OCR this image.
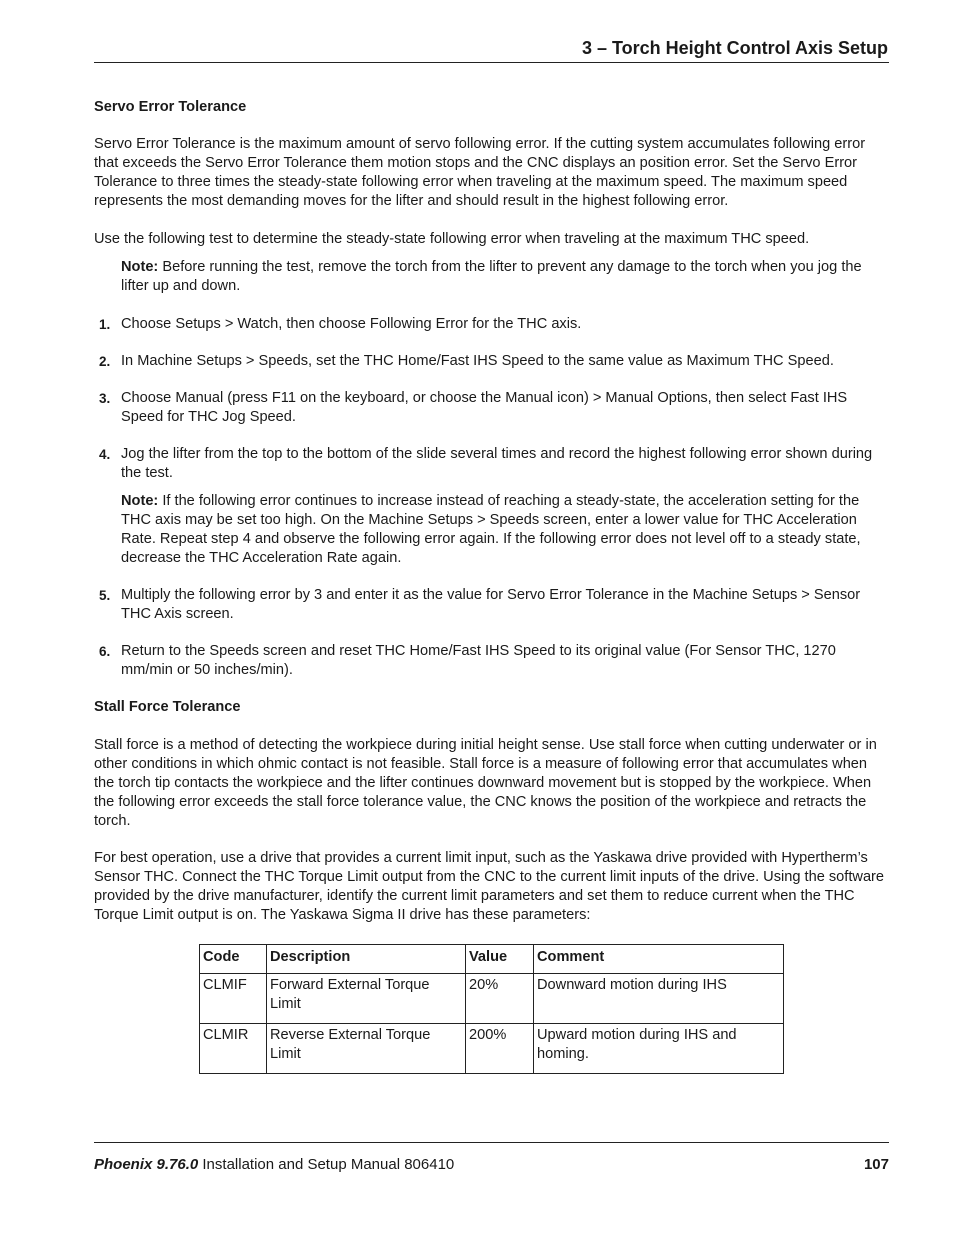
3 – Torch Height Control Axis Setup
Servo Error Tolerance

Servo Error Tolerance is the maximum amount of servo following error. If the cutting system accumulates following error that exceeds the Servo Error Tolerance them motion stops and the CNC displays an position error. Set the Servo Error Tolerance to three times the steady-state following error when traveling at the maximum speed. The maximum speed represents the most demanding moves for the lifter and should result in the highest following error.

Use the following test to determine the steady-state following error when traveling at the maximum THC speed.

Note: Before running the test, remove the torch from the lifter to prevent any damage to the torch when you jog the lifter up and down.

1. Choose Setups > Watch, then choose Following Error for the THC axis.
2. In Machine Setups > Speeds, set the THC Home/Fast IHS Speed to the same value as Maximum THC Speed.
3. Choose Manual (press F11 on the keyboard, or choose the Manual icon) > Manual Options, then select Fast IHS Speed for THC Jog Speed.
4. Jog the lifter from the top to the bottom of the slide several times and record the highest following error shown during the test.

Note: If the following error continues to increase instead of reaching a steady-state, the acceleration setting for the THC axis may be set too high. On the Machine Setups > Speeds screen, enter a lower value for THC Acceleration Rate. Repeat step 4 and observe the following error again. If the following error does not level off to a steady state, decrease the THC Acceleration Rate again.

5. Multiply the following error by 3 and enter it as the value for Servo Error Tolerance in the Machine Setups > Sensor THC Axis screen.
6. Return to the Speeds screen and reset THC Home/Fast IHS Speed to its original value (For Sensor THC, 1270 mm/min or 50 inches/min).
Stall Force Tolerance

Stall force is a method of detecting the workpiece during initial height sense. Use stall force when cutting underwater or in other conditions in which ohmic contact is not feasible. Stall force is a measure of following error that accumulates when the torch tip contacts the workpiece and the lifter continues downward movement but is stopped by the workpiece. When the following error exceeds the stall force tolerance value, the CNC knows the position of the workpiece and retracts the torch.

For best operation, use a drive that provides a current limit input, such as the Yaskawa drive provided with Hypertherm’s Sensor THC. Connect the THC Torque Limit output from the CNC to the current limit inputs of the drive. Using the software provided by the drive manufacturer, identify the current limit parameters and set them to reduce current when the THC Torque Limit output is on. The Yaskawa Sigma II drive has these parameters:

Code	Description	Value	Comment
CLMIF	Forward External Torque Limit	20%	Downward motion during IHS
CLMIR	Reverse External Torque Limit	200%	Upward motion during IHS and homing.
Phoenix 9.76.0 Installation and Setup Manual 806410	107
